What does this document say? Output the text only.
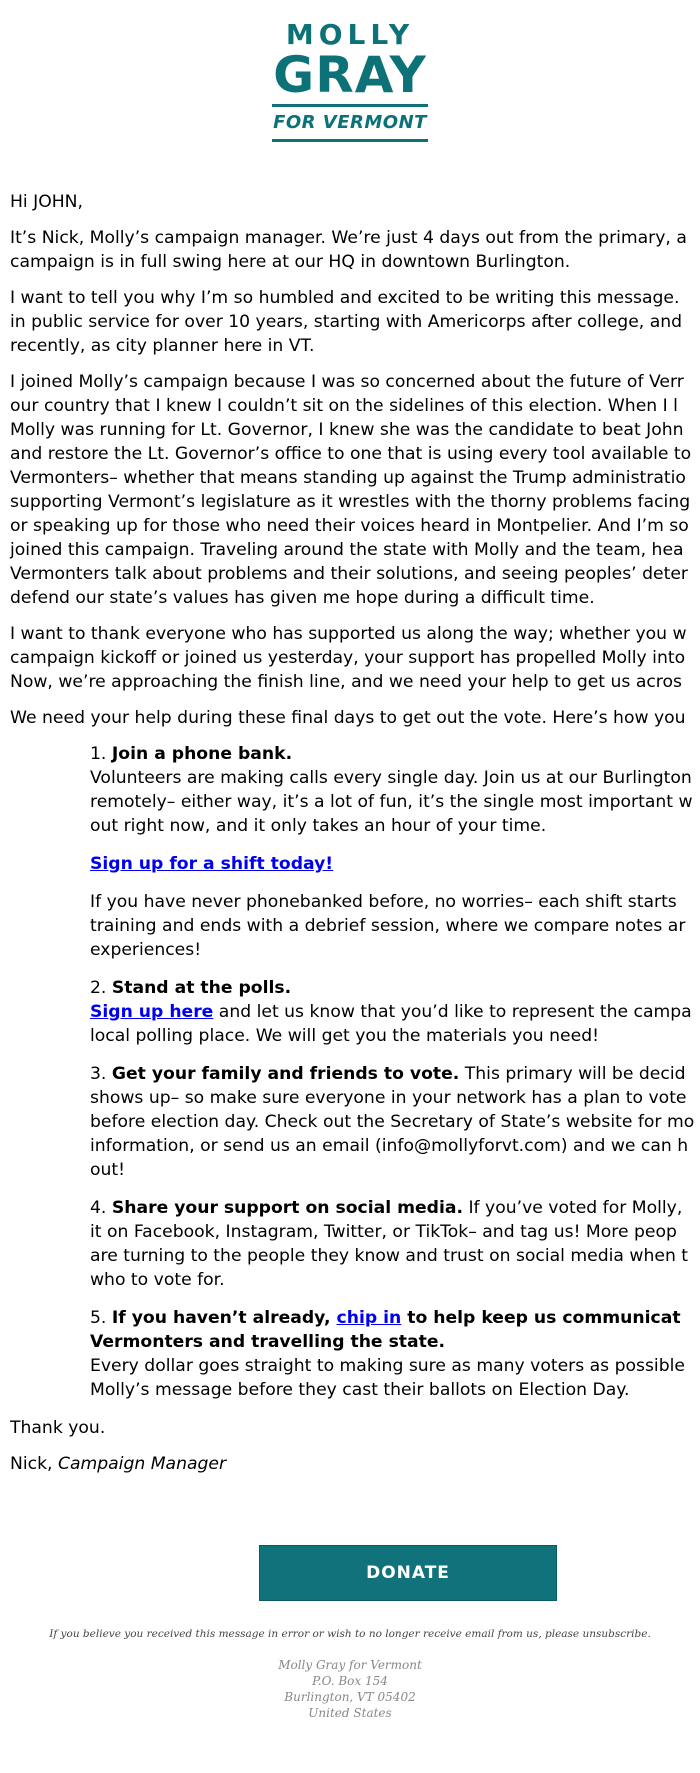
MOLLY
GRAY
FOR VERMONT

Hi JOHN,

It’s Nick, Molly’s campaign manager. We’re just 4 days out from the primary, a
campaign is in full swing here at our HQ in downtown Burlington.

I want to tell you why I’m so humbled and excited to be writing this message.
in public service for over 10 years, starting with Americorps after college, and
recently, as city planner here in VT.

I joined Molly’s campaign because I was so concerned about the future of Verr
our country that I knew I couldn’t sit on the sidelines of this election. When I l
Molly was running for Lt. Governor, I knew she was the candidate to beat John
and restore the Lt. Governor’s office to one that is using every tool available to
Vermonters– whether that means standing up against the Trump administratio
supporting Vermont’s legislature as it wrestles with the thorny problems facing
or speaking up for those who need their voices heard in Montpelier. And I’m so
joined this campaign. Traveling around the state with Molly and the team, hea
Vermonters talk about problems and their solutions, and seeing peoples’ deter
defend our state’s values has given me hope during a difficult time.

I want to thank everyone who has supported us along the way; whether you w
campaign kickoff or joined us yesterday, your support has propelled Molly into
Now, we’re approaching the finish line, and we need your help to get us acros

We need your help during these final days to get out the vote. Here’s how you

1. Join a phone bank.
Volunteers are making calls every single day. Join us at our Burlington
remotely– either way, it’s a lot of fun, it’s the single most important w
out right now, and it only takes an hour of your time.

Sign up for a shift today!

If you have never phonebanked before, no worries– each shift starts
training and ends with a debrief session, where we compare notes ar
experiences!

2. Stand at the polls.
Sign up here and let us know that you’d like to represent the campa
local polling place. We will get you the materials you need!

3. Get your family and friends to vote. This primary will be decid
shows up– so make sure everyone in your network has a plan to vote
before election day. Check out the Secretary of State’s website for mo
information, or send us an email (info@mollyforvt.com) and we can h
out!

4. Share your support on social media. If you’ve voted for Molly,
it on Facebook, Instagram, Twitter, or TikTok– and tag us! More peop
are turning to the people they know and trust on social media when t
who to vote for.

5. If you haven’t already, chip in to help keep us communicat
Vermonters and travelling the state.
Every dollar goes straight to making sure as many voters as possible
Molly’s message before they cast their ballots on Election Day.

Thank you.

Nick, Campaign Manager

DONATE
If you believe you received this message in error or wish to no longer receive email from us, please unsubscribe.
Molly Gray for Vermont
P.O. Box 154
Burlington, VT 05402
United States
